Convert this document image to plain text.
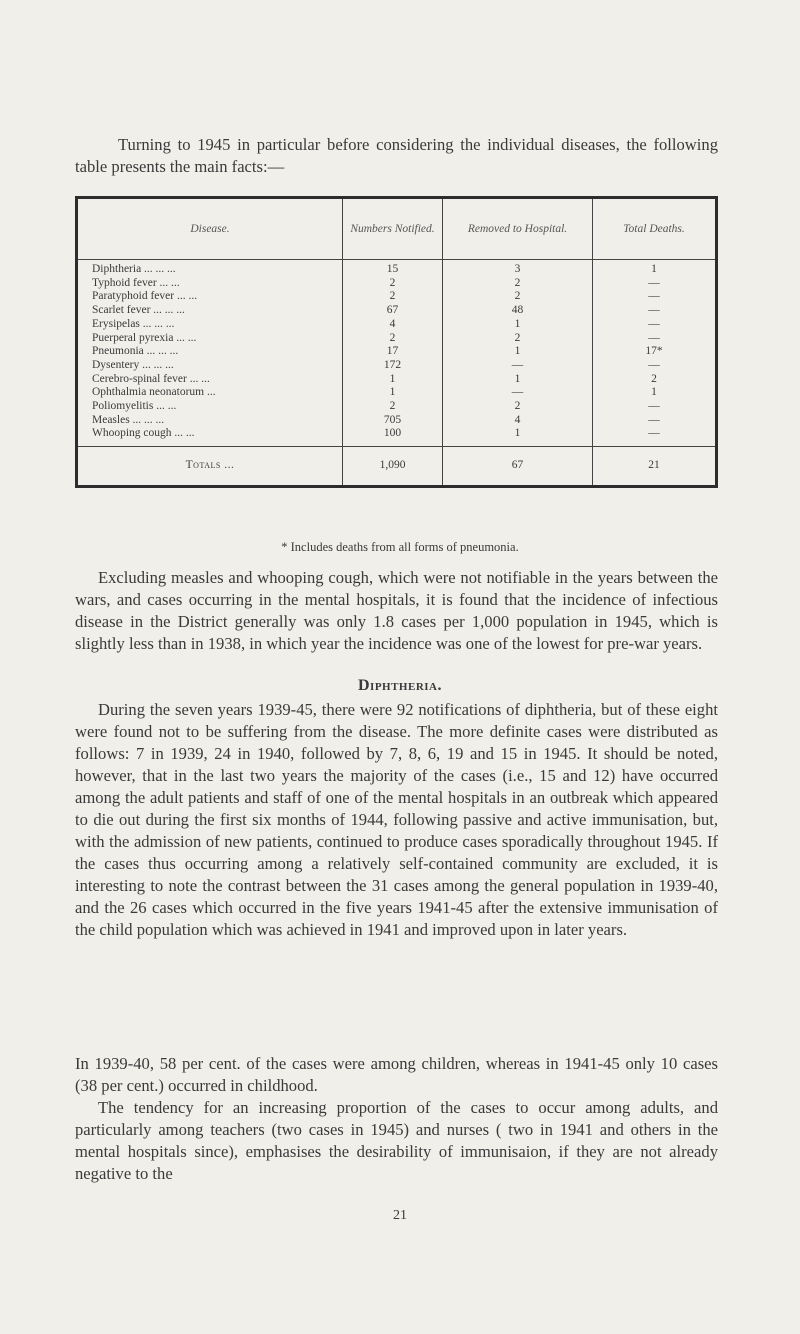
Turning to 1945 in particular before considering the individual diseases, the following table presents the main facts:—

Disease.	Numbers Notified.	Removed to Hospital.	Total Deaths.
Diphtheria ... ... ...	15	3	1
Typhoid fever ... ...	2	2	—
Paratyphoid fever ... ...	2	2	—
Scarlet fever ... ... ...	67	48	—
Erysipelas ... ... ...	4	1	—
Puerperal pyrexia ... ...	2	2	—
Pneumonia ... ... ...	17	1	17*
Dysentery ... ... ...	172	—	—
Cerebro-spinal fever ... ...	1	1	2
Ophthalmia neonatorum ...	1	—	1
Poliomyelitis ... ...	2	2	—
Measles ... ... ...	705	4	—
Whooping cough ... ...	100	1	—
Totals ...	1,090	67	21
* Includes deaths from all forms of pneumonia.

Excluding measles and whooping cough, which were not notifiable in the years between the wars, and cases occurring in the mental hospitals, it is found that the incidence of infectious disease in the District generally was only 1.8 cases per 1,000 population in 1945, which is slightly less than in 1938, in which year the incidence was one of the lowest for pre-war years.

Diphtheria.

During the seven years 1939-45, there were 92 notifications of diphtheria, but of these eight were found not to be suffering from the disease. The more definite cases were distributed as follows: 7 in 1939, 24 in 1940, followed by 7, 8, 6, 19 and 15 in 1945. It should be noted, however, that in the last two years the majority of the cases (i.e., 15 and 12) have occurred among the adult patients and staff of one of the mental hospitals in an outbreak which appeared to die out during the first six months of 1944, following passive and active immunisation, but, with the admission of new patients, continued to produce cases sporadically throughout 1945. If the cases thus occurring among a relatively self-contained community are excluded, it is interesting to note the contrast between the 31 cases among the general population in 1939-40, and the 26 cases which occurred in the five years 1941-45 after the extensive immunisation of the child population which was achieved in 1941 and improved upon in later years.

In 1939-40, 58 per cent. of the cases were among children, whereas in 1941-45 only 10 cases (38 per cent.) occurred in childhood.

The tendency for an increasing proportion of the cases to occur among adults, and particularly among teachers (two cases in 1945) and nurses ( two in 1941 and others in the mental hospitals since), emphasises the desirability of immunisaion, if they are not already negative to the

21
